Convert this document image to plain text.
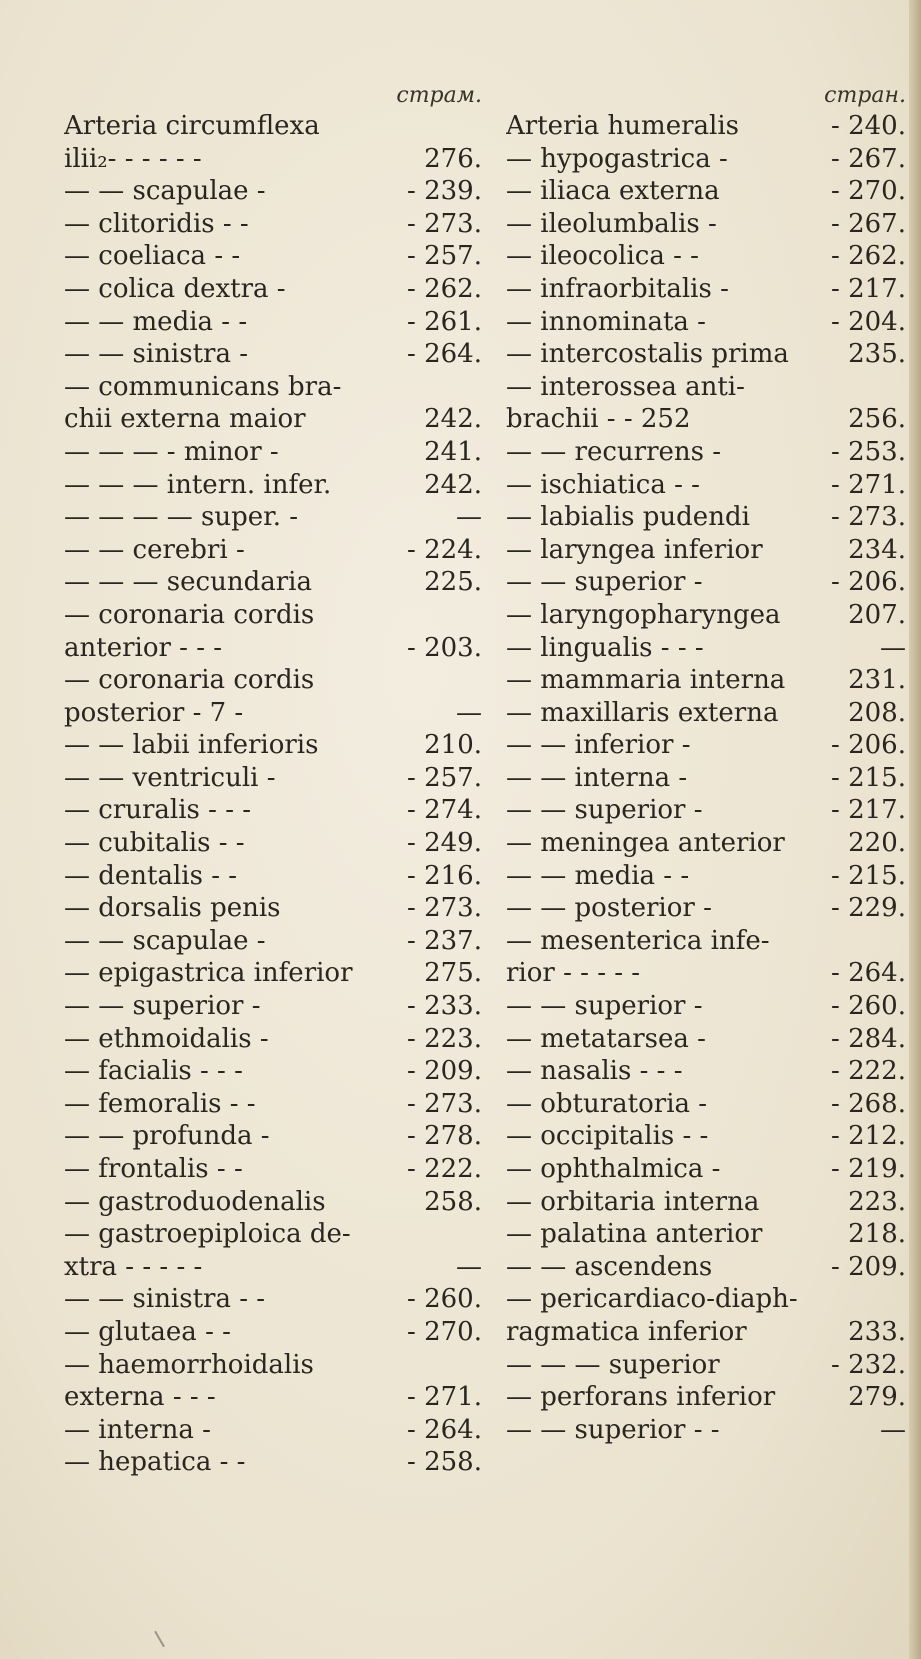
страм.
Arteria circumflexa
ilii₂- - - - - -	276.
— — scapulae -	- 239.
— clitoridis - -	- 273.
— coeliaca - -	- 257.
— colica dextra -	- 262.
— — media - -	- 261.
— — sinistra -	- 264.
— communicans bra-
chii externa maior	242.
— — — - minor -	241.
— — — intern. infer.	242.
— — — — super. -	—
— — cerebri -	- 224.
— — — secundaria	225.
— coronaria cordis
anterior - - -	- 203.
— coronaria cordis
posterior - 7 -	—
— — labii inferioris	210.
— — ventriculi -	- 257.
— cruralis - - -	- 274.
— cubitalis - -	- 249.
— dentalis - -	- 216.
— dorsalis penis	- 273.
— — scapulae -	- 237.
— epigastrica inferior	275.
— — superior -	- 233.
— ethmoidalis -	- 223.
— facialis - - -	- 209.
— femoralis - -	- 273.
— — profunda -	- 278.
— frontalis - -	- 222.
— gastroduodenalis	258.
— gastroepiploica de-
xtra - - - - -	—
— — sinistra - -	- 260.
— glutaea - -	- 270.
— haemorrhoidalis
externa - - -	- 271.
— interna -	- 264.
— hepatica - -	- 258.
стран.
Arteria humeralis	- 240.
— hypogastrica -	- 267.
— iliaca externa	- 270.
— ileolumbalis -	- 267.
— ileocolica - -	- 262.
— infraorbitalis -	- 217.
— innominata -	- 204.
— intercostalis prima	235.
— interossea anti-
brachii - - 252	256.
— — recurrens -	- 253.
— ischiatica - -	- 271.
— labialis pudendi	- 273.
— laryngea inferior	234.
— — superior -	- 206.
— laryngopharyngea	207.
— lingualis - - -	—
— mammaria interna	231.
— maxillaris externa	208.
— — inferior -	- 206.
— — interna -	- 215.
— — superior -	- 217.
— meningea anterior	220.
— — media - -	- 215.
— — posterior -	- 229.
— mesenterica infe-
rior - - - - -	- 264.
— — superior -	- 260.
— metatarsea -	- 284.
— nasalis - - -	- 222.
— obturatoria -	- 268.
— occipitalis - -	- 212.
— ophthalmica -	- 219.
— orbitaria interna	223.
— palatina anterior	218.
— — ascendens	- 209.
— pericardiaco-diaph-
ragmatica inferior	233.
— — — superior	- 232.
— perforans inferior	279.
— — superior - -	—
